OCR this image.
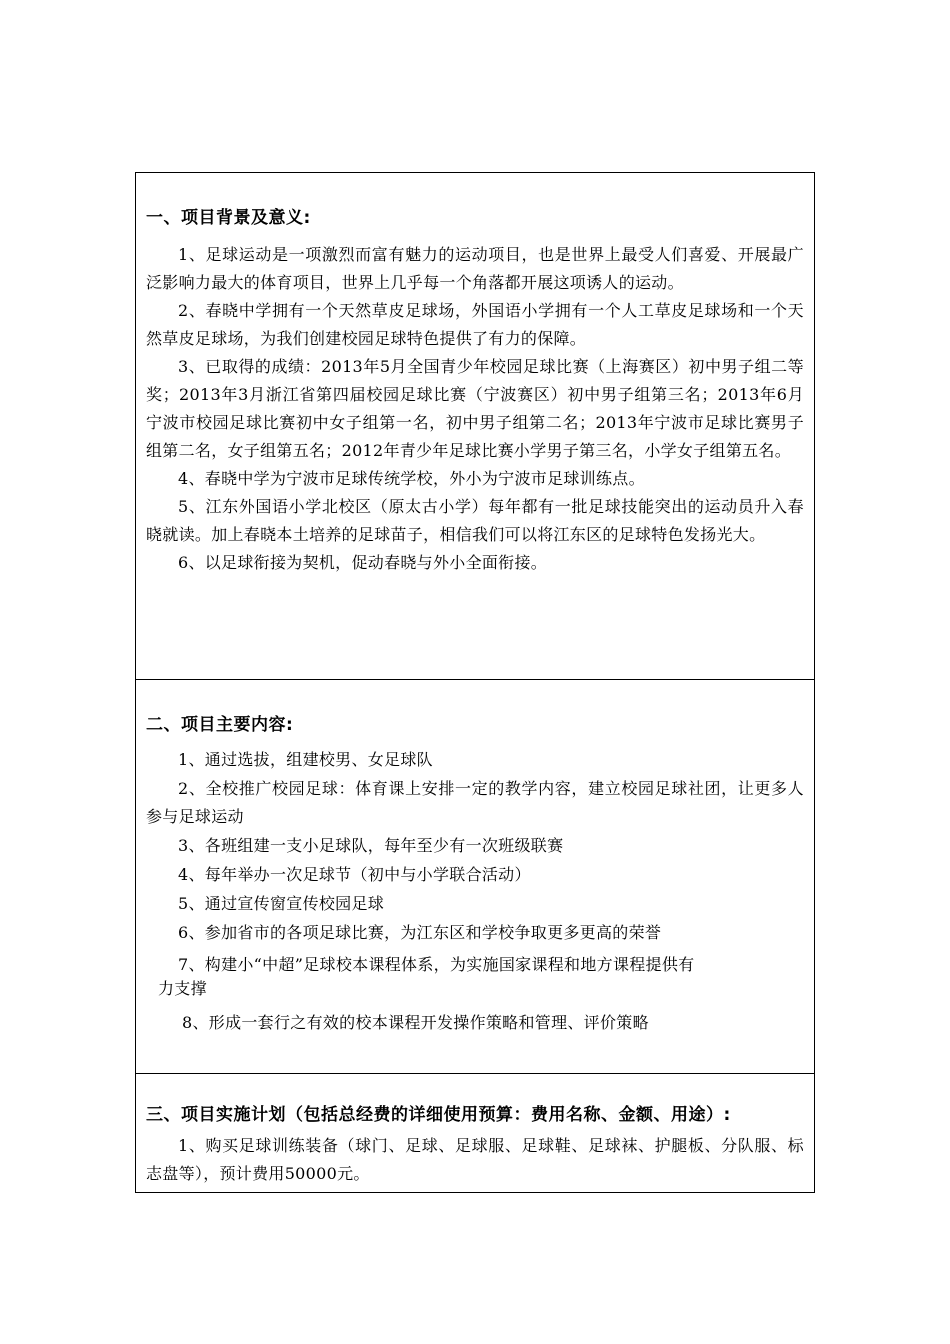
一、项目背景及意义:

1、足球运动是一项激烈而富有魅力的运动项目，也是世界上最受人们喜爱、开展最广泛影响力最大的体育项目，世界上几乎每一个角落都开展这项诱人的运动。

2、春晓中学拥有一个天然草皮足球场，外国语小学拥有一个人工草皮足球场和一个天然草皮足球场，为我们创建校园足球特色提供了有力的保障。

3、已取得的成绩：2013年5月全国青少年校园足球比赛（上海赛区）初中男子组二等奖；2013年3月浙江省第四届校园足球比赛（宁波赛区）初中男子组第三名；2013年6月宁波市校园足球比赛初中女子组第一名，初中男子组第二名；2013年宁波市足球比赛男子组第二名，女子组第五名；2012年青少年足球比赛小学男子第三名，小学女子组第五名。

4、春晓中学为宁波市足球传统学校，外小为宁波市足球训练点。

5、江东外国语小学北校区（原太古小学）每年都有一批足球技能突出的运动员升入春晓就读。加上春晓本土培养的足球苗子，相信我们可以将江东区的足球特色发扬光大。

6、以足球衔接为契机，促动春晓与外小全面衔接。

二、项目主要内容:

1、通过选拔，组建校男、女足球队

2、全校推广校园足球：体育课上安排一定的教学内容，建立校园足球社团，让更多人参与足球运动

3、各班组建一支小足球队，每年至少有一次班级联赛

4、每年举办一次足球节（初中与小学联合活动）

5、通过宣传窗宣传校园足球

6、参加省市的各项足球比赛，为江东区和学校争取更多更高的荣誉

7、构建小“中超”足球校本课程体系，为实施国家课程和地方课程提供有
力支撑

8、形成一套行之有效的校本课程开发操作策略和管理、评价策略

三、项目实施计划（包括总经费的详细使用预算：费用名称、金额、用途）:

1、购买足球训练装备（球门、足球、足球服、足球鞋、足球袜、护腿板、分队服、标志盘等），预计费用50000元。
